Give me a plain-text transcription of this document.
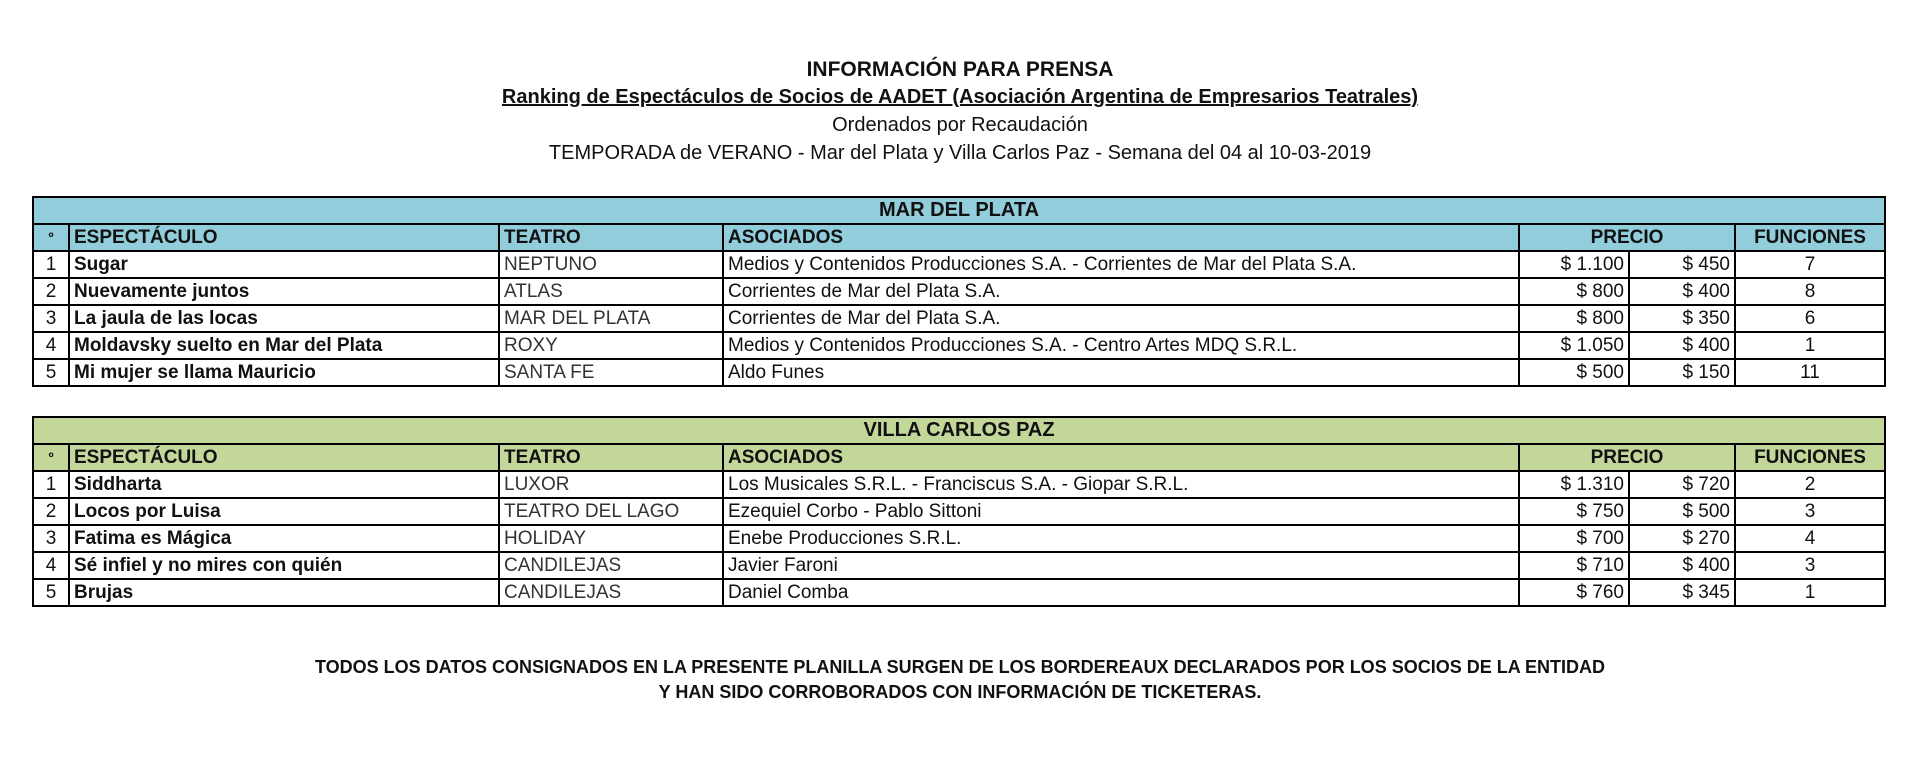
INFORMACIÓN PARA PRENSA
Ranking de Espectáculos de Socios de AADET (Asociación Argentina de Empresarios Teatrales)
Ordenados por Recaudación
TEMPORADA de VERANO - Mar del Plata y Villa Carlos Paz - Semana del 04 al 10-03-2019
MAR DEL PLATA						
º	ESPECTÁCULO	TEATRO	ASOCIADOS	PRECIO		FUNCIONES
1	Sugar	NEPTUNO	Medios y Contenidos Producciones S.A. - Corrientes de Mar del Plata S.A.	$ 1.100	$ 450	7
2	Nuevamente juntos	ATLAS	Corrientes de Mar del Plata S.A.	$ 800	$ 400	8
3	La jaula de las locas	MAR DEL PLATA	Corrientes de Mar del Plata S.A.	$ 800	$ 350	6
4	Moldavsky suelto en Mar del Plata	ROXY	Medios y Contenidos Producciones S.A. - Centro Artes MDQ S.R.L.	$ 1.050	$ 400	1
5	Mi mujer se llama Mauricio	SANTA FE	Aldo Funes	$ 500	$ 150	11
VILLA CARLOS PAZ						
º	ESPECTÁCULO	TEATRO	ASOCIADOS	PRECIO		FUNCIONES
1	Siddharta	LUXOR	Los Musicales S.R.L. - Franciscus S.A. - Giopar S.R.L.	$ 1.310	$ 720	2
2	Locos por Luisa	TEATRO DEL LAGO	Ezequiel Corbo - Pablo Sittoni	$ 750	$ 500	3
3	Fatima es Mágica	HOLIDAY	Enebe Producciones S.R.L.	$ 700	$ 270	4
4	Sé infiel y no mires con quién	CANDILEJAS	Javier Faroni	$ 710	$ 400	3
5	Brujas	CANDILEJAS	Daniel Comba	$ 760	$ 345	1
TODOS LOS DATOS CONSIGNADOS EN LA PRESENTE PLANILLA SURGEN DE LOS BORDEREAUX DECLARADOS POR LOS SOCIOS DE LA ENTIDAD
Y HAN SIDO CORROBORADOS CON INFORMACIÓN DE TICKETERAS.
